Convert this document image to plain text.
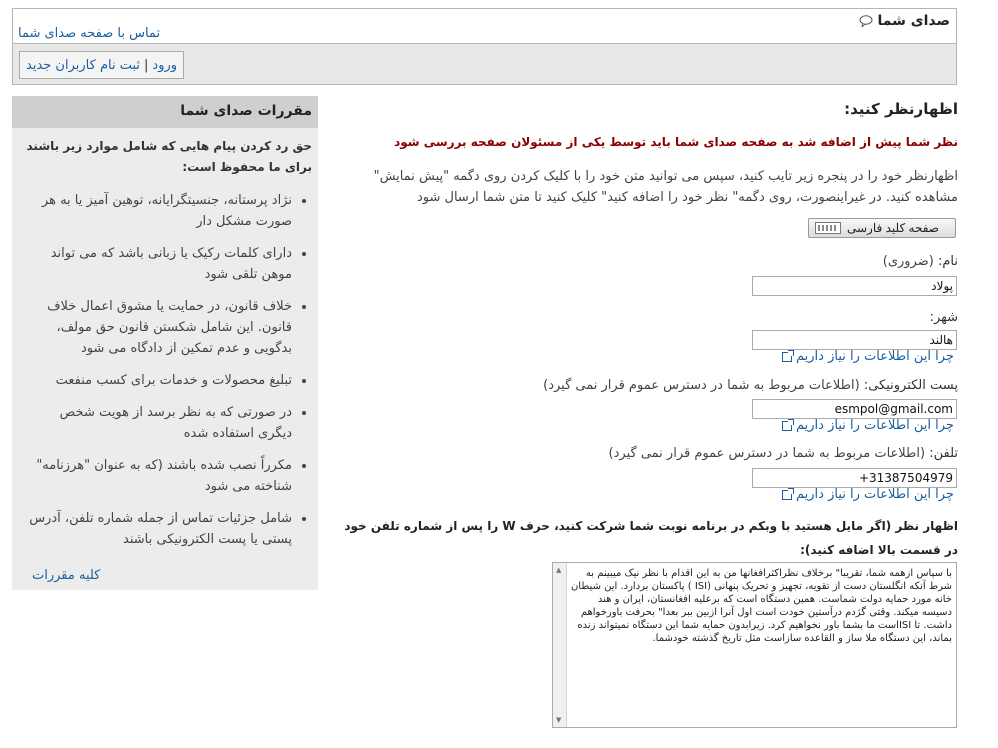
صدای شما
تماس با صفحه صدای شما
ورود
|
ثبت نام کاربران جدید
مقررات صدای شما
حق رد کردن پیام هایی که شامل موارد زیر باشند برای ما محفوظ است:
• نژاد پرستانه، جنسیتگرایانه، توهین آمیز یا به هر صورت مشکل دار
• دارای کلمات رکیک یا زبانی باشد که می تواند موهن تلقی شود
• خلاف قانون، در حمایت یا مشوق اعمال خلاف قانون. این شامل شکستن قانون حق مولف، بدگویی و عدم تمکین از دادگاه می شود
• تبلیغ محصولات و خدمات برای کسب منفعت
• در صورتی که به نظر برسد از هویت شخص دیگری استفاده شده
• مکرراً نصب شده باشند (که به عنوان "هرزنامه" شناخته می شود
• شامل جزئیات تماس از جمله شماره تلفن، آدرس پستی یا پست الکترونیکی باشند
کلیه مقررات
اظهارنظر کنید:
نظر شما پیش از اضافه شد به صفحه صدای شما باید توسط یکی از مسئولان صفحه بررسی شود
اظهارنظر خود را در پنجره زیر تایب کنید، سپس می توانید متن خود را با کلیک کردن روی دگمه "پیش نمایش" مشاهده کنید. در غیراینصورت، روی دگمه" نظر خود را اضافه کنید" کلیک کنید تا متن شما ارسال شود
صفحه کلید فارسی
نام: (ضروری)
پولاد
شهر:
هالند
چرا این اطلاعات را نیاز داریم
پست الکترونیکی: (اطلاعات مربوط به شما در دسترس عموم قرار نمی گیرد)
esmpol@gmail.com
چرا این اطلاعات را نیاز داریم
تلفن: (اطلاعات مربوط به شما در دسترس عموم قرار نمی گیرد)
+31387504979
چرا این اطلاعات را نیاز داریم
اظهار نظر (اگر مایل هستید با وبکم در برنامه نوبت شما شرکت کنید، حرف W را پس از شماره تلفن خود در قسمت بالا اضافه کنید):
با سپاس ازهمه شما، تقریبا" برخلاف نظراکثرافغانها من به این اقدام با نظر نیک میبینم به شرط آنکه انگلستان دست از تقویه، تجهیز و تحریک پنهانی (ISI ) پاکستان بردارد. این شیطان خانه مورد حمایه دولت شماست. همین دستگاه است که برعلیه افغانستان، ایران و هند دسیسه میکند. وقتی گژدم درآستین خودت است اول آنرا ازبین ببر بعدا" بحرفت باورخواهم داشت. تا ISIاست ما بشما باور نخواهیم کرد. زیرابدون حمایه شما این دستگاه نمیتواند زنده بماند، این دستگاه ملا ساز و القاعده سازاست مثل تاریخ گذشته خودشما.
▲
▼
